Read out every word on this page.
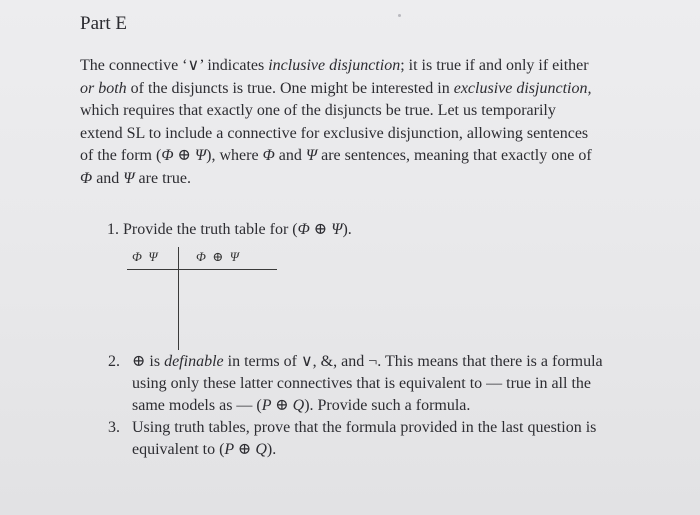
Part E

The connective ‘∨’ indicates inclusive disjunction; it is true if and only if either

or both of the disjuncts is true. One might be interested in exclusive disjunction,

which requires that exactly one of the disjuncts be true. Let us temporarily

extend SL to include a connective for exclusive disjunction, allowing sentences

of the form (Φ ⊕ Ψ), where Φ and Ψ are sentences, meaning that exactly one of

Φ and Ψ are true.

1. Provide the truth table for (Φ ⊕ Ψ).
Φ  Ψ	Φ  ⊕  Ψ
2. ⊕ is definable in terms of ∨, &, and ¬. This means that there is a formula

using only these latter connectives that is equivalent to — true in all the

same models as — (P ⊕ Q). Provide such a formula.

3. Using truth tables, prove that the formula provided in the last question is

equivalent to (P ⊕ Q).
